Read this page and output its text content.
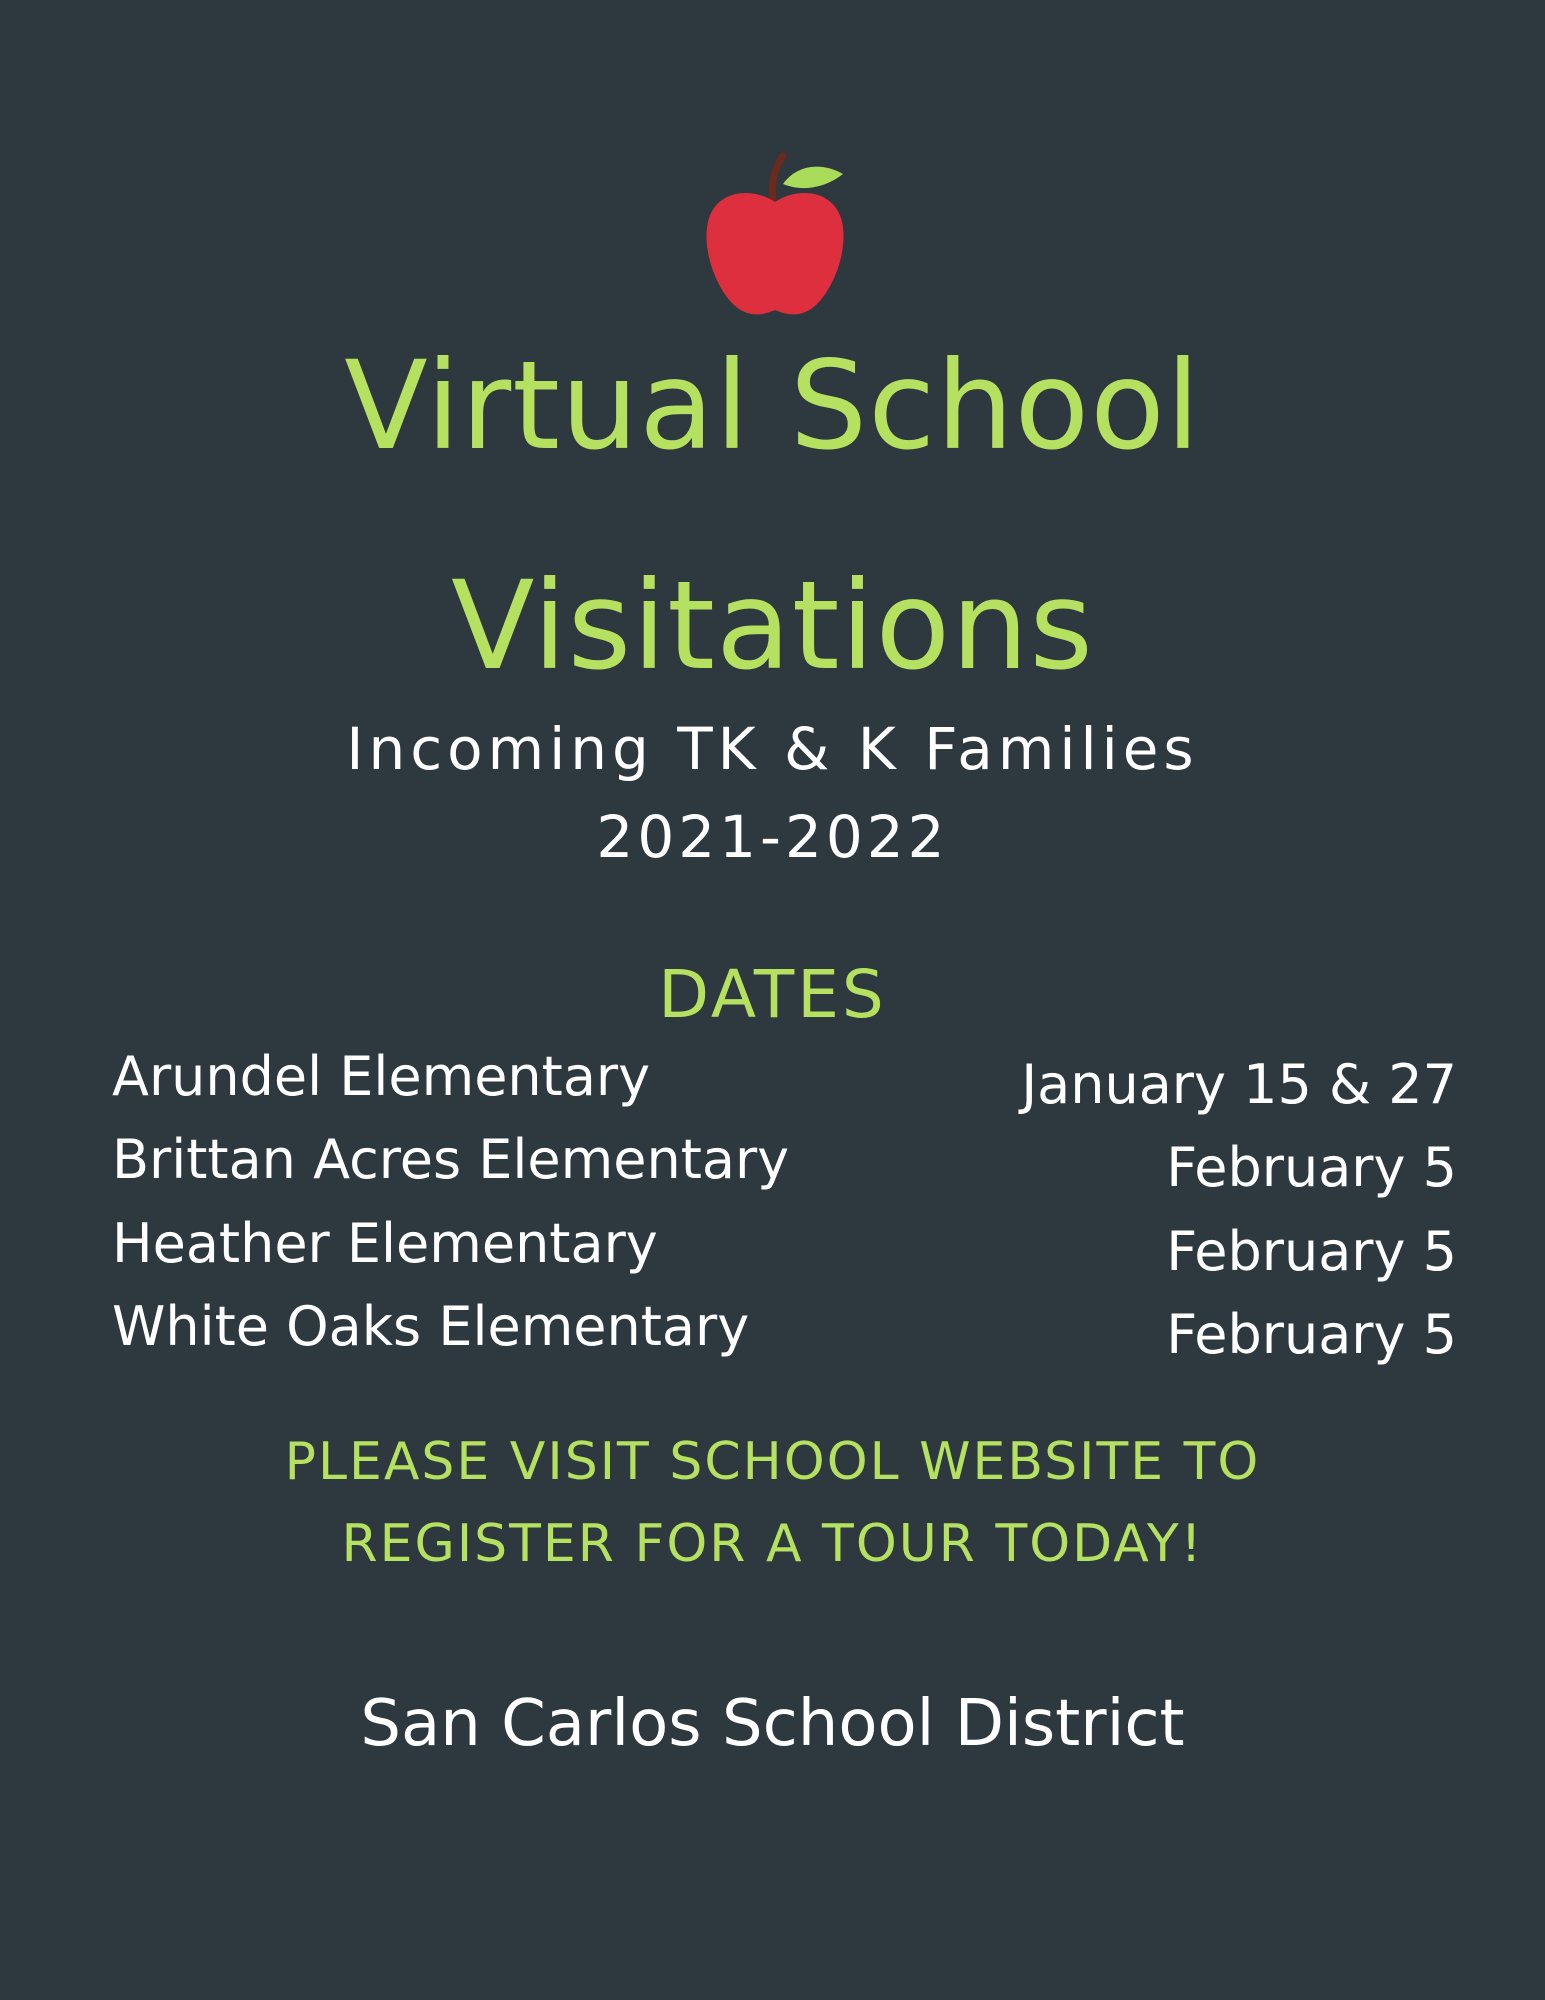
Virtual School
Visitations
Incoming TK & K Families
2021-2022
DATES
Arundel Elementary	January 15 & 27
Brittan Acres Elementary	February 5
Heather Elementary	February 5
White Oaks Elementary	February 5
PLEASE VISIT SCHOOL WEBSITE TO
REGISTER FOR A TOUR TODAY!
San Carlos School District
